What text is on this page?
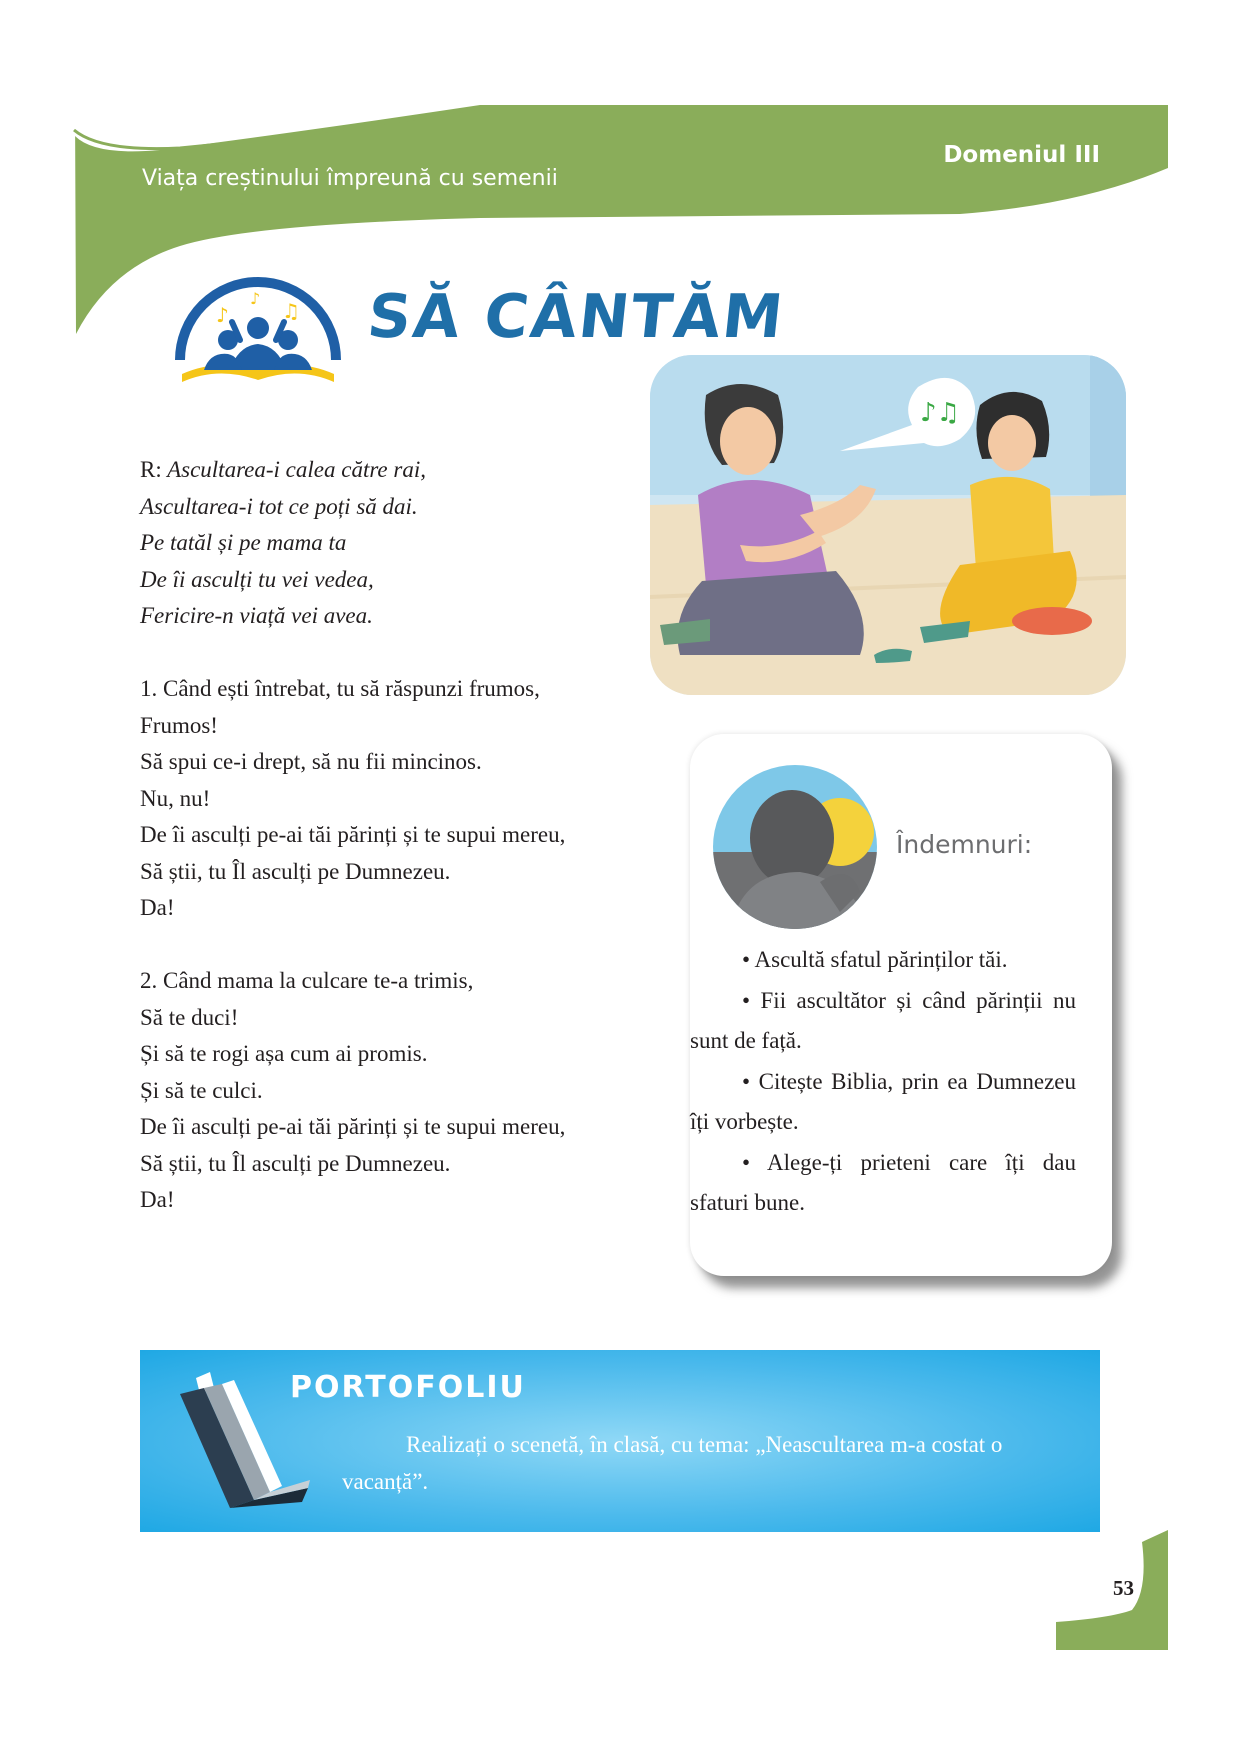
Viața creștinului împreună cu semenii
Domeniul III
♪	♫
♪ SĂ CÂNTĂM
♪♫
R: Ascultarea-i calea către rai,
Ascultarea-i tot ce poți să dai.
Pe tatăl și pe mama ta
De îi asculți tu vei vedea,
Fericire-n viață vei avea.
1. Când ești întrebat, tu să răspunzi frumos,
Frumos!
Să spui ce-i drept, să nu fii mincinos.
Nu, nu!
De îi asculți pe-ai tăi părinți și te supui mereu,
Să știi, tu Îl asculți pe Dumnezeu.
Da!
2. Când mama la culcare te-a trimis,
Să te duci!
Și să te rogi așa cum ai promis.
Și să te culci.
De îi asculți pe-ai tăi părinți și te supui mereu,
Să știi, tu Îl asculți pe Dumnezeu.
Da!
Îndemnuri:

• Ascultă sfatul părinților tăi.

• Fii ascultător și când părinții nu sunt de față.

• Citește Biblia, prin ea Dumnezeu îți vorbește.

• Alege-ți prieteni care îți dau sfaturi bune.

PORTOFOLIU
Realizați o scenetă, în clasă, cu tema: „Neascultarea m-a costat o vacanță”.
53
